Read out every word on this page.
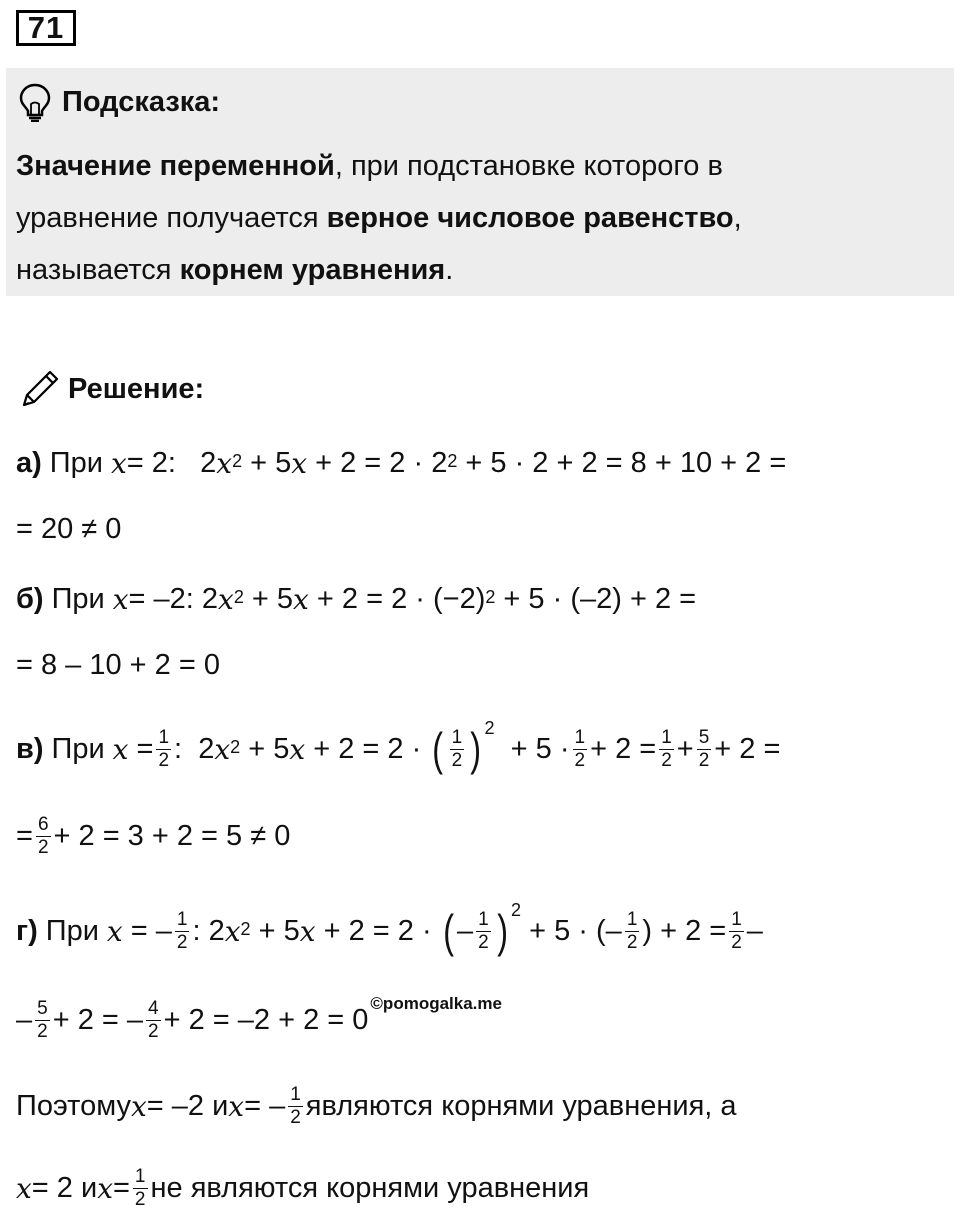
71
Подсказка:
Значение переменной, при подстановке которого в
уравнение получается верное числовое равенство,
называется корнем уравнения.
Решение:
а) При x = 2: 2 $x^2 + 5$ $x + 2 = 2 \cdot 2^2 + 5 \cdot 2 + 2 = 8 + 10 + 2$ =
= 20 ≠ 0
б) При x = –2: 2 $x^2 + 5$ $x + 2 = 2 \cdot (-2)^2 + 5 \cdot (-2) + 2$ =
= 8 – 10 + 2 = 0
в) При $x = \frac{1}{2}$ :  2 $x^2 + 5$ x + 2 = 2 · ( $\frac{1}{2}$ ) 2
+ $5 \cdot \frac{1}{2} + 2 = \frac{1}{2} + \frac{5}{2} + 2$ =
= $\frac{6}{2} + 2 = 3 + 2 = 5 \ne 0$
г) При x = – $\frac{1}{2}$ : 2 $x^2 + 5$ x + 2 = 2 · ( – $\frac{1}{2}$ ) 2
+ 5 · (– $\frac{1}{2}$ ) + $2 = \frac{1}{2}$ –
– $\frac{5}{2} + 2$ = – $\frac{4}{2} + 2 = -2 + 2 = 0$ ©pomogalka.me
Поэтому x = –2 и x = – $\frac{1}{2}$ являются корнями уравнения, а
x = 2 и $x = \frac{1}{2}$ не являются корнями уравнения
